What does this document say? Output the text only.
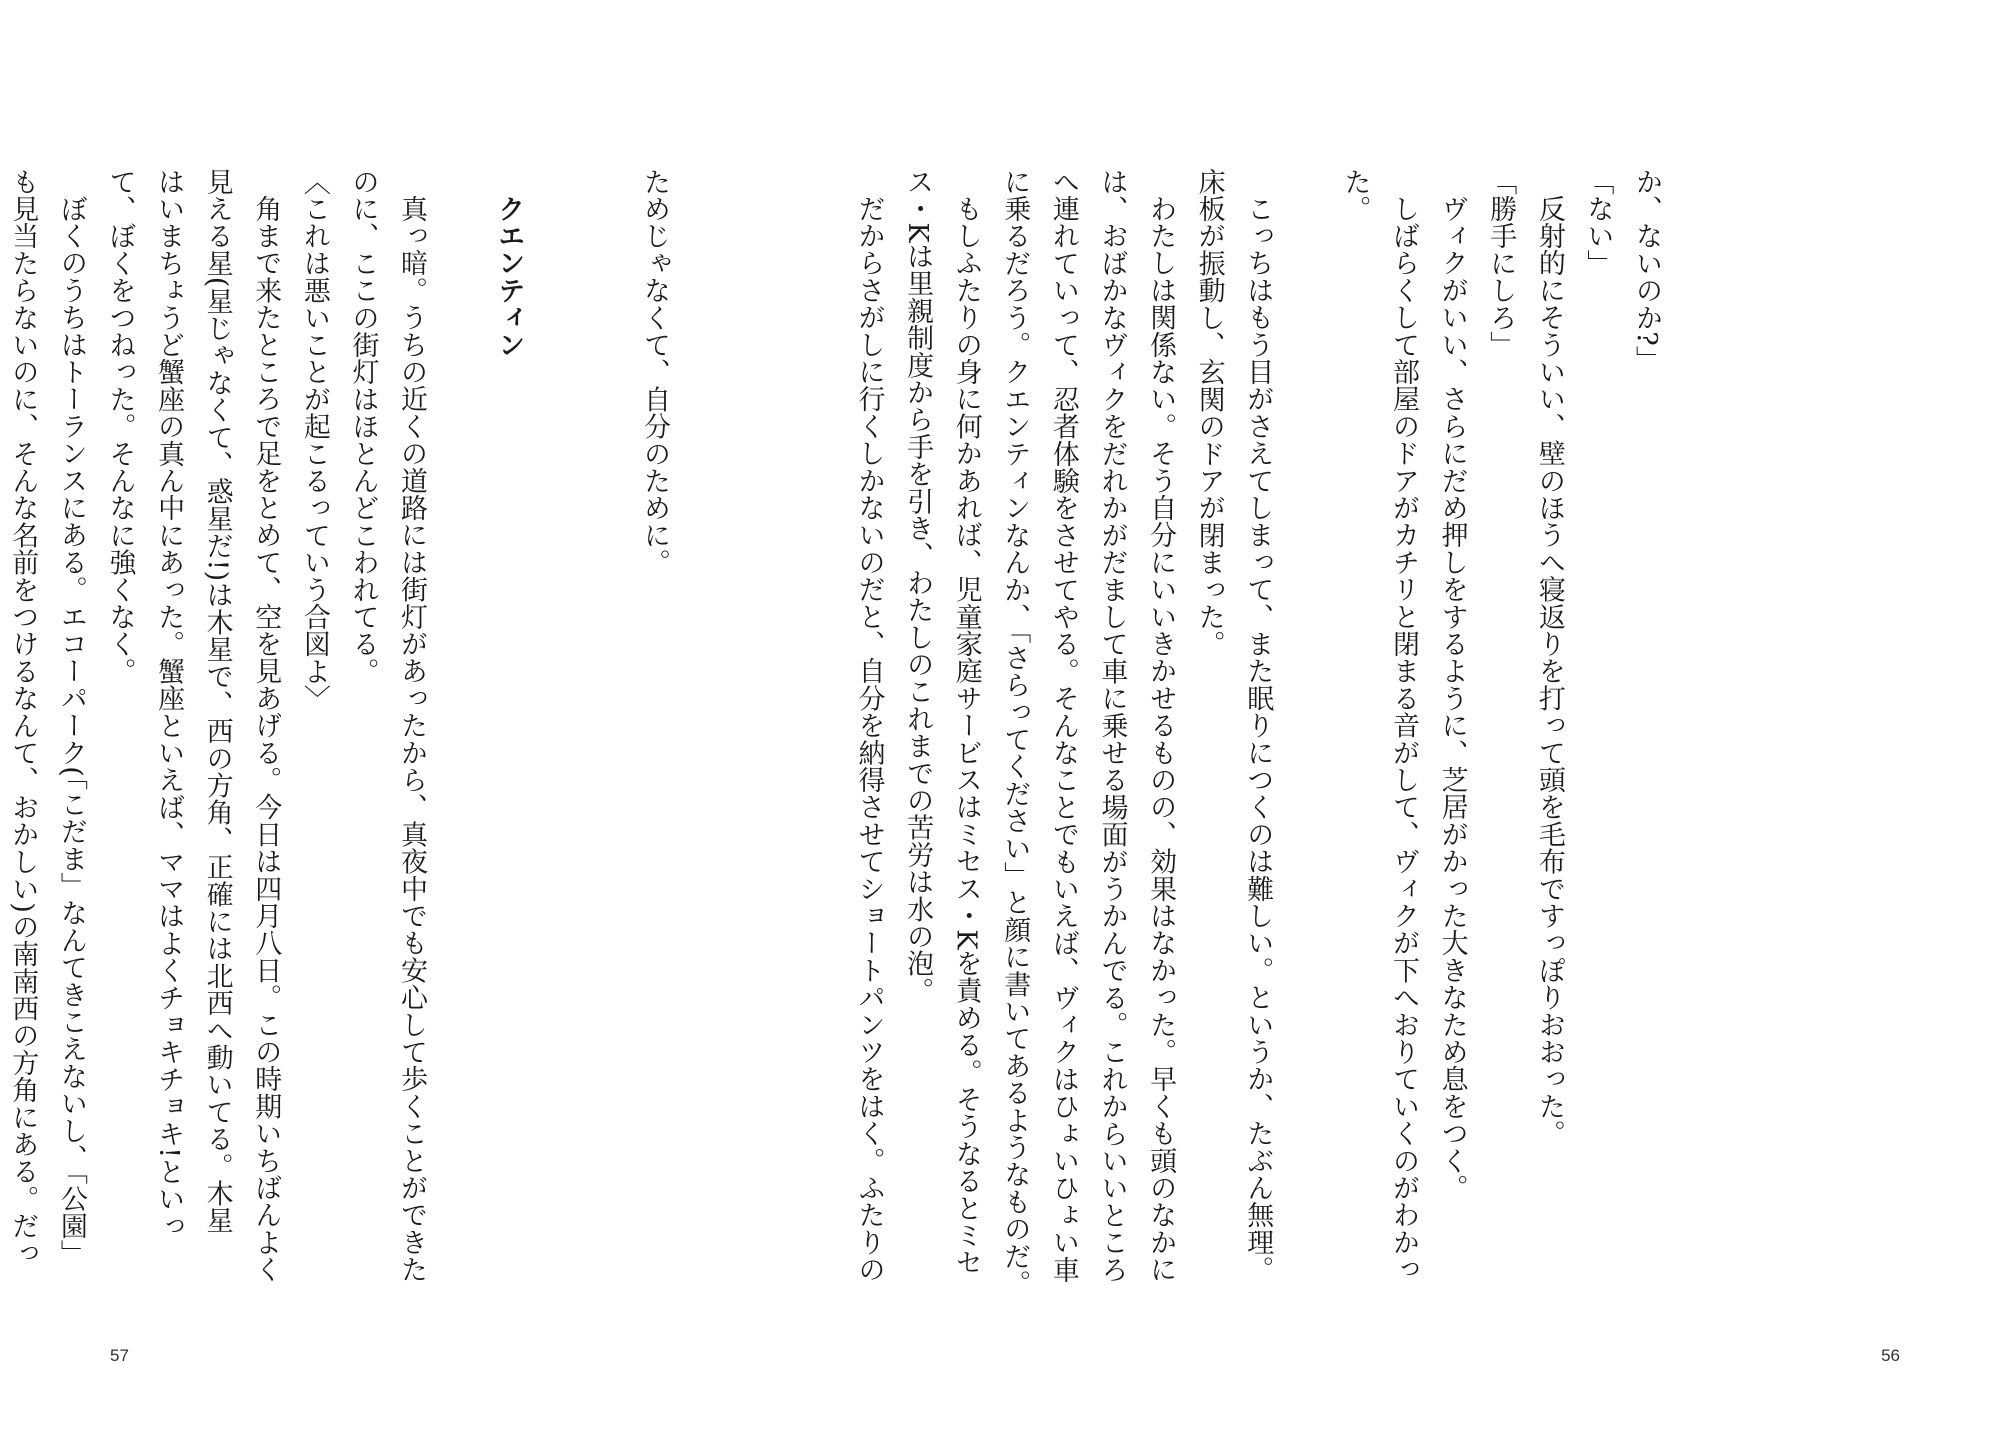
ためじゃなくて、自分のために。
クエンティン
真っ暗。うちの近くの道路には街灯があったから、真夜中でも安心して歩くことができた
のに、ここの街灯はほとんどこわれてる。
〈これは悪いことが起こるっていう合図よ〉
角まで来たところで足をとめて、空を見あげる。今日は四月八日。この時期いちばんよく
見える星(星じゃなくて、惑星だ!)は木星で、西の方角、正確には北西へ動いてる。木星
はいまちょうど蟹座の真ん中にあった。蟹座といえば、ママはよくチョキチョキ!といっ
て、ぼくをつねった。そんなに強くなく。
ぼくのうちはトーランスにある。エコーパーク(「こだま」なんてきこえないし、「公園」
も見当たらないのに、そんな名前をつけるなんて、おかしい)の南南西の方角にある。だっ
57
か、ないのか?」
「ない」
反射的にそういい、壁のほうへ寝返りを打って頭を毛布ですっぽりおおった。
「勝手にしろ」
ヴィクがいい、さらにだめ押しをするように、芝居がかった大きなため息をつく。
しばらくして部屋のドアがカチリと閉まる音がして、ヴィクが下へおりていくのがわかっ
た。
こっちはもう目がさえてしまって、また眠りにつくのは難しい。というか、たぶん無理。
床板が振動し、玄関のドアが閉まった。
わたしは関係ない。そう自分にいいきかせるものの、効果はなかった。早くも頭のなかに
は、おばかなヴィクをだれかがだまして車に乗せる場面がうかんでる。これからいいところ
へ連れていって、忍者体験をさせてやる。そんなことでもいえば、ヴィクはひょいひょい車
に乗るだろう。クエンティンなんか、「さらってください」と顔に書いてあるようなものだ。
もしふたりの身に何かあれば、児童家庭サービスはミセス・Kを責める。そうなるとミセ
ス・Kは里親制度から手を引き、わたしのこれまでの苦労は水の泡。
だからさがしに行くしかないのだと、自分を納得させてショートパンツをはく。ふたりの
56
